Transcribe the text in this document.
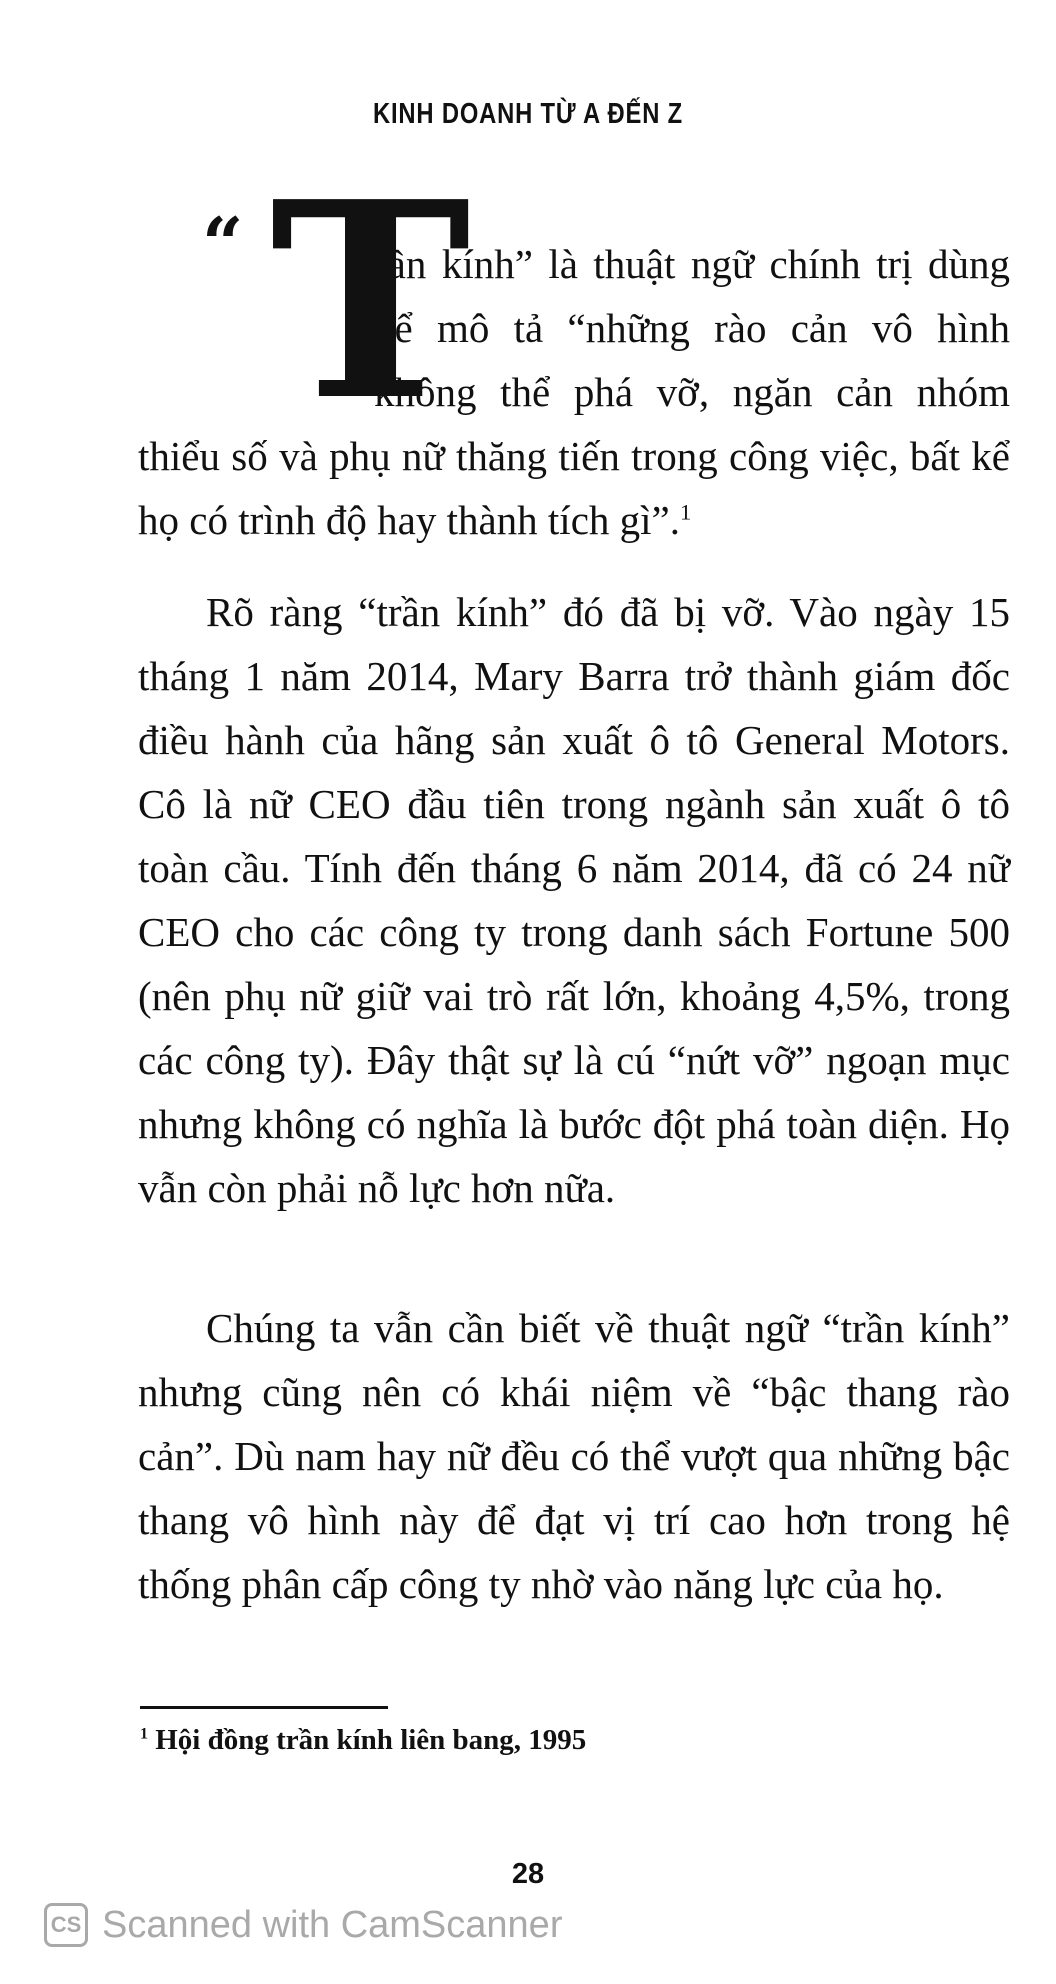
KINH DOANH TỪ A ĐẾN Z
“ T

rần kính” là thuật ngữ chính trị dùng để mô tả “những rào cản vô hình không thể phá vỡ, ngăn cản nhóm thiểu số và phụ nữ thăng tiến trong công việc, bất kể họ có trình độ hay thành tích gì”.$^1$

Rõ ràng “trần kính” đó đã bị vỡ. Vào ngày 15 tháng 1 năm 2014, Mary Barra trở thành giám đốc điều hành của hãng sản xuất ô tô General Motors. Cô là nữ CEO đầu tiên trong ngành sản xuất ô tô toàn cầu. Tính đến tháng 6 năm 2014, đã có 24 nữ CEO cho các công ty trong danh sách Fortune 500 (nên phụ nữ giữ vai trò rất lớn, khoảng 4,5%, trong các công ty). Đây thật sự là cú “nứt vỡ” ngoạn mục nhưng không có nghĩa là bước đột phá toàn diện. Họ vẫn còn phải nỗ lực hơn nữa.

Chúng ta vẫn cần biết về thuật ngữ “trần kính” nhưng cũng nên có khái niệm về “bậc thang rào cản”. Dù nam hay nữ đều có thể vượt qua những bậc thang vô hình này để đạt vị trí cao hơn trong hệ thống phân cấp công ty nhờ vào năng lực của họ.

$^1$ Hội đồng trần kính liên bang, 1995
28
CS Scanned with CamScanner
